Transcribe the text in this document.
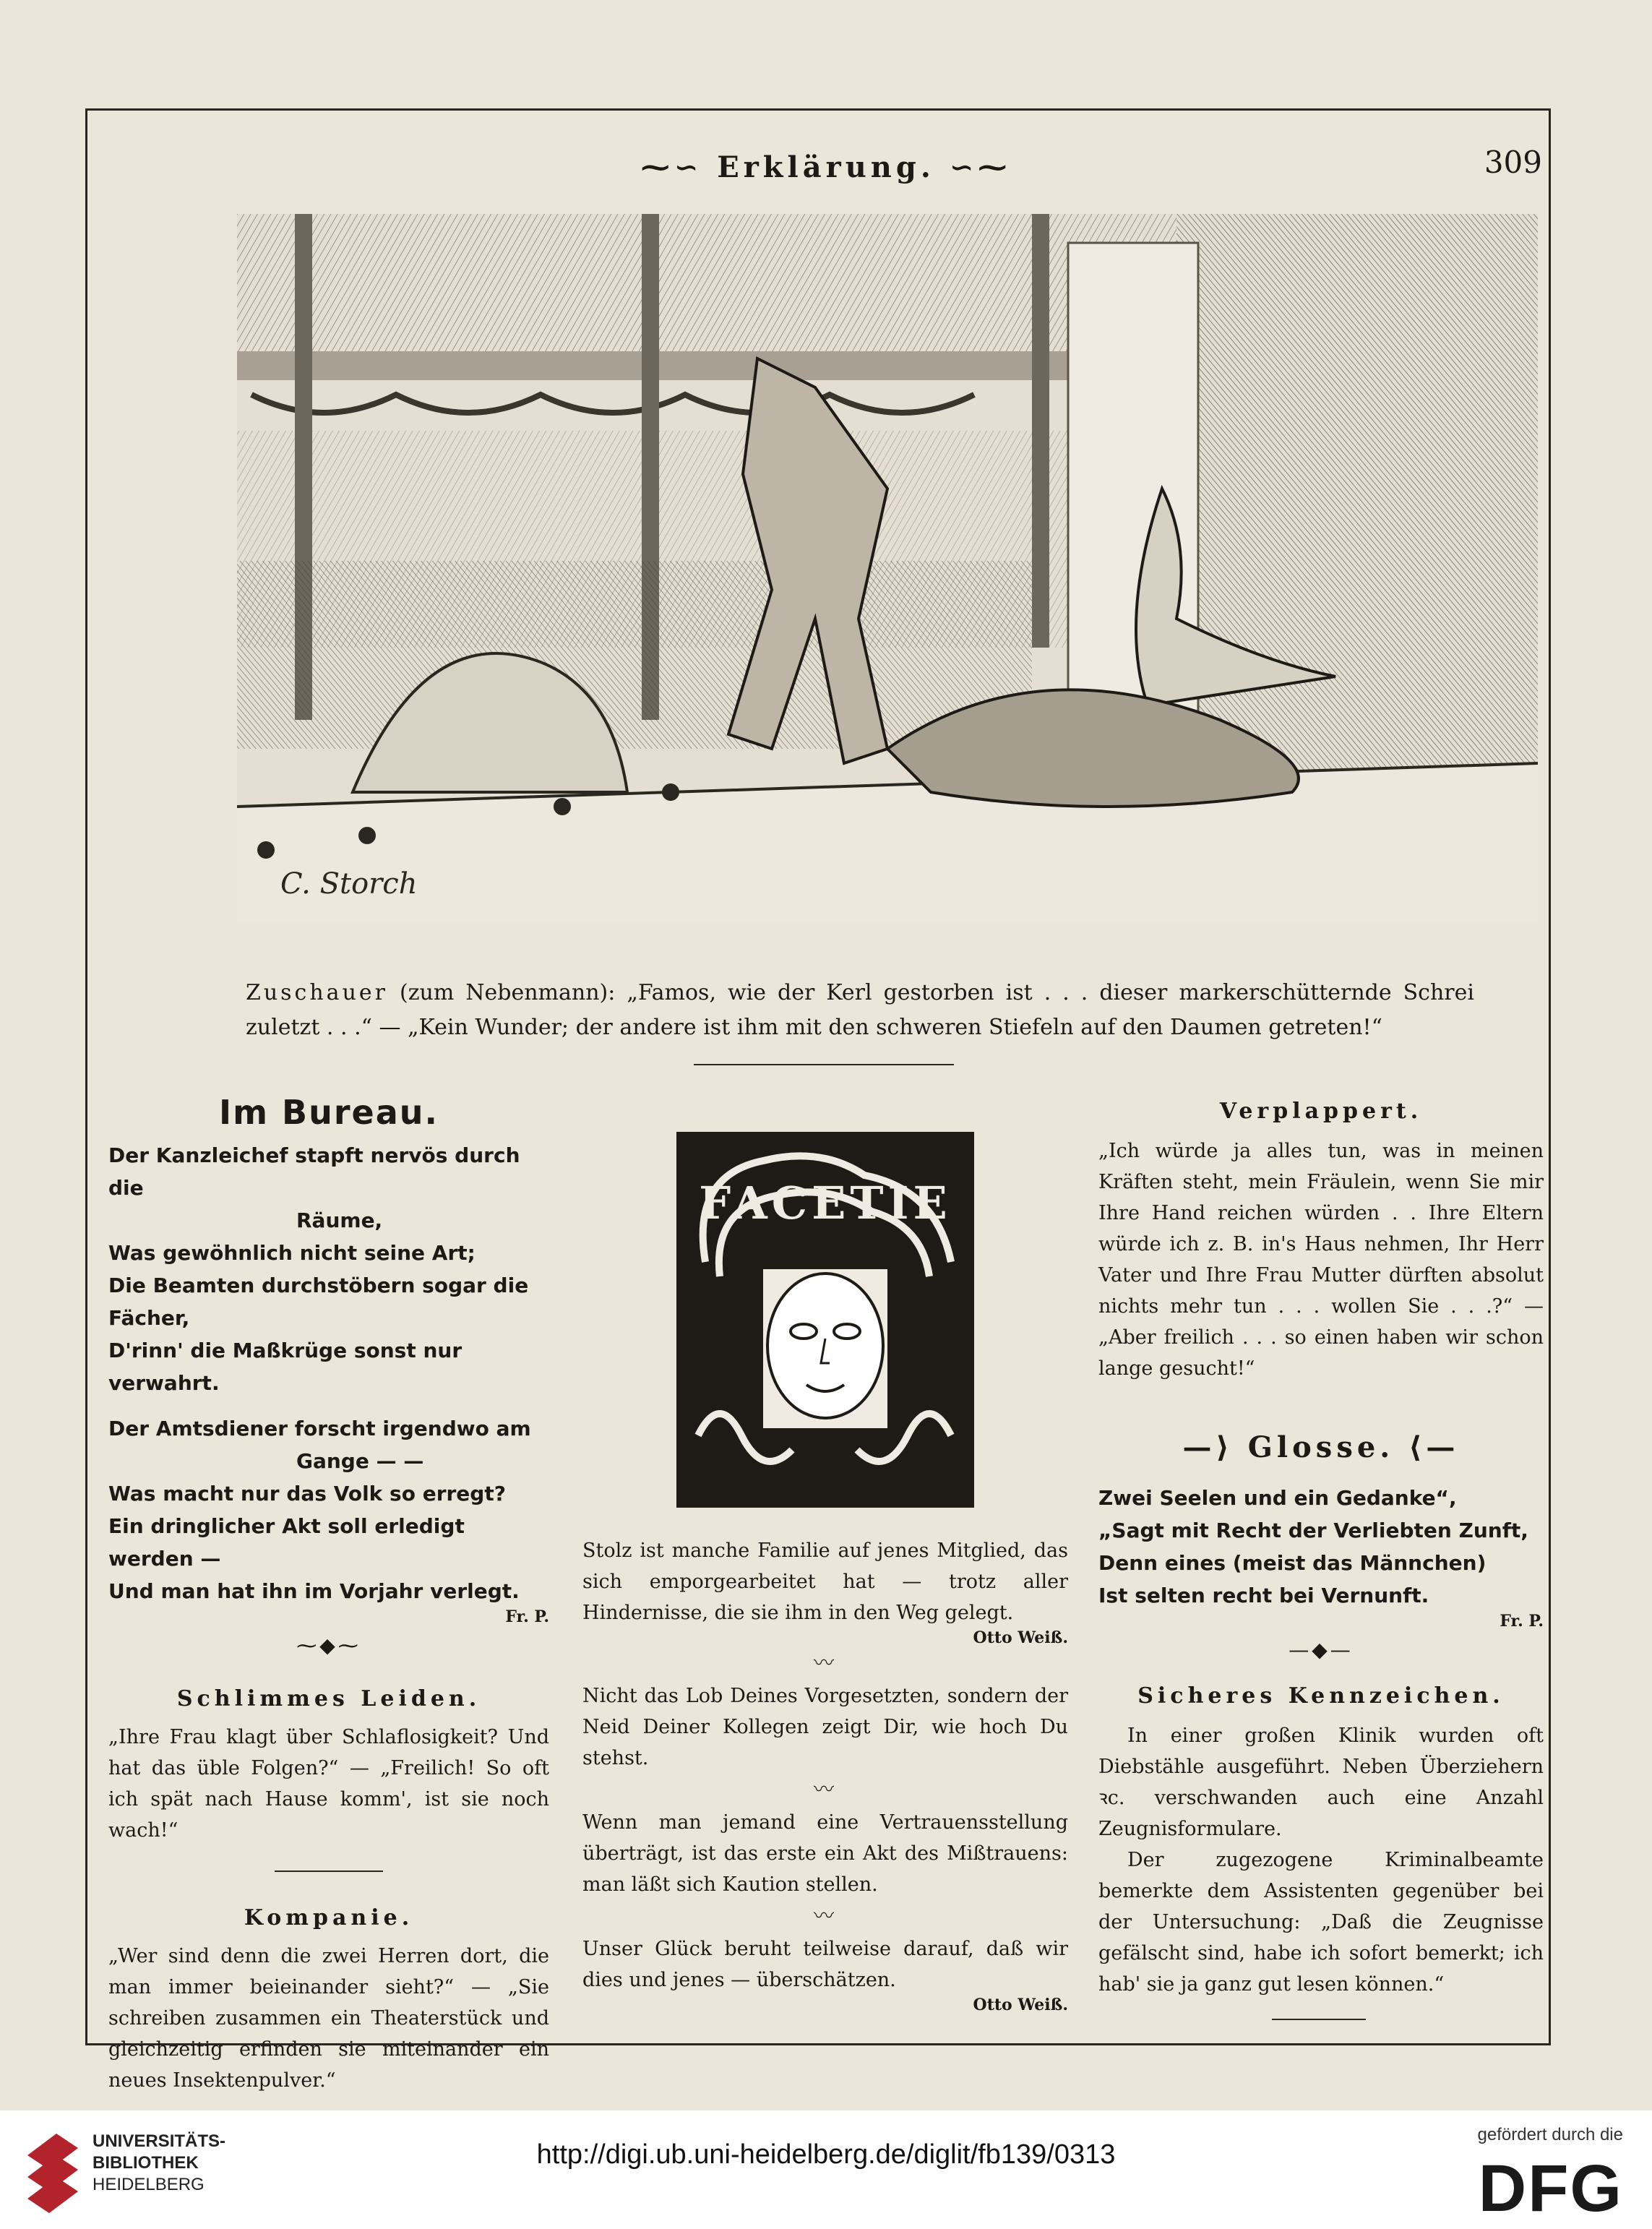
⁓∽ Erklärung. ∽⁓	309
C. Storch
Zuschauer (zum Nebenmann): „Famos, wie der Kerl gestorben ist . . . dieser markerschütternde Schrei zuletzt . . .“ — „Kein Wunder; der andere ist ihm mit den schweren Stiefeln auf den Daumen getreten!“
Im Bureau.
Der Kanzleichef stapft nervös durch die
Räume,
Was gewöhnlich nicht seine Art;
Die Beamten durchstöbern sogar die Fächer,
D'rinn' die Maßkrüge sonst nur verwahrt.
Der Amtsdiener forscht irgendwo am
Gange — —
Was macht nur das Volk so erregt?
Ein dringlicher Akt soll erledigt werden —
Und man hat ihn im Vorjahr verlegt.
Fr. P.
⁓◆⁓
Schlimmes Leiden.
„Ihre Frau klagt über Schlaflosigkeit? Und hat das üble Folgen?“ — „Freilich! So oft ich spät nach Hause komm', ist sie noch wach!“
Kompanie.
„Wer sind denn die zwei Herren dort, die man immer beieinander sieht?“ — „Sie schreiben zusammen ein Theaterstück und gleichzeitig erfinden sie miteinander ein neues Insektenpulver.“
FACETIE
Stolz ist manche Familie auf jenes Mitglied, das sich emporgearbeitet hat — trotz aller Hindernisse, die sie ihm in den Weg gelegt.
Otto Weiß.
〰
Nicht das Lob Deines Vorgesetzten, sondern der Neid Deiner Kollegen zeigt Dir, wie hoch Du stehst.
〰
Wenn man jemand eine Vertrauensstellung überträgt, ist das erste ein Akt des Mißtrauens: man läßt sich Kaution stellen.
〰
Unser Glück beruht teilweise darauf, daß wir dies und jenes — überschätzen.
Otto Weiß.
Verplappert.
„Ich würde ja alles tun, was in meinen Kräften steht, mein Fräulein, wenn Sie mir Ihre Hand reichen würden . . Ihre Eltern würde ich z. B. in's Haus nehmen, Ihr Herr Vater und Ihre Frau Mutter dürften absolut nichts mehr tun . . . wollen Sie . . .?“ — „Aber freilich . . . so einen haben wir schon lange gesucht!“
—⟩ Glosse. ⟨—
Zwei Seelen und ein Gedanke“,
„Sagt mit Recht der Verliebten Zunft,
Denn eines (meist das Männchen)
Ist selten recht bei Vernunft.
Fr. P.
—◆—
Sicheres Kennzeichen.
In einer großen Klinik wurden oft Diebstähle ausgeführt. Neben Überziehern ꝛc. verschwanden auch eine Anzahl Zeugnisformulare.
Der zugezogene Kriminalbeamte bemerkte dem Assistenten gegenüber bei der Untersuchung: „Daß die Zeugnisse gefälscht sind, habe ich sofort bemerkt; ich hab' sie ja ganz gut lesen können.“
UNIVERSITÄTS-
BIBLIOTHEK
HEIDELBERG
http://digi.ub.uni-heidelberg.de/diglit/fb139/0313
gefördert durch die
DFG
